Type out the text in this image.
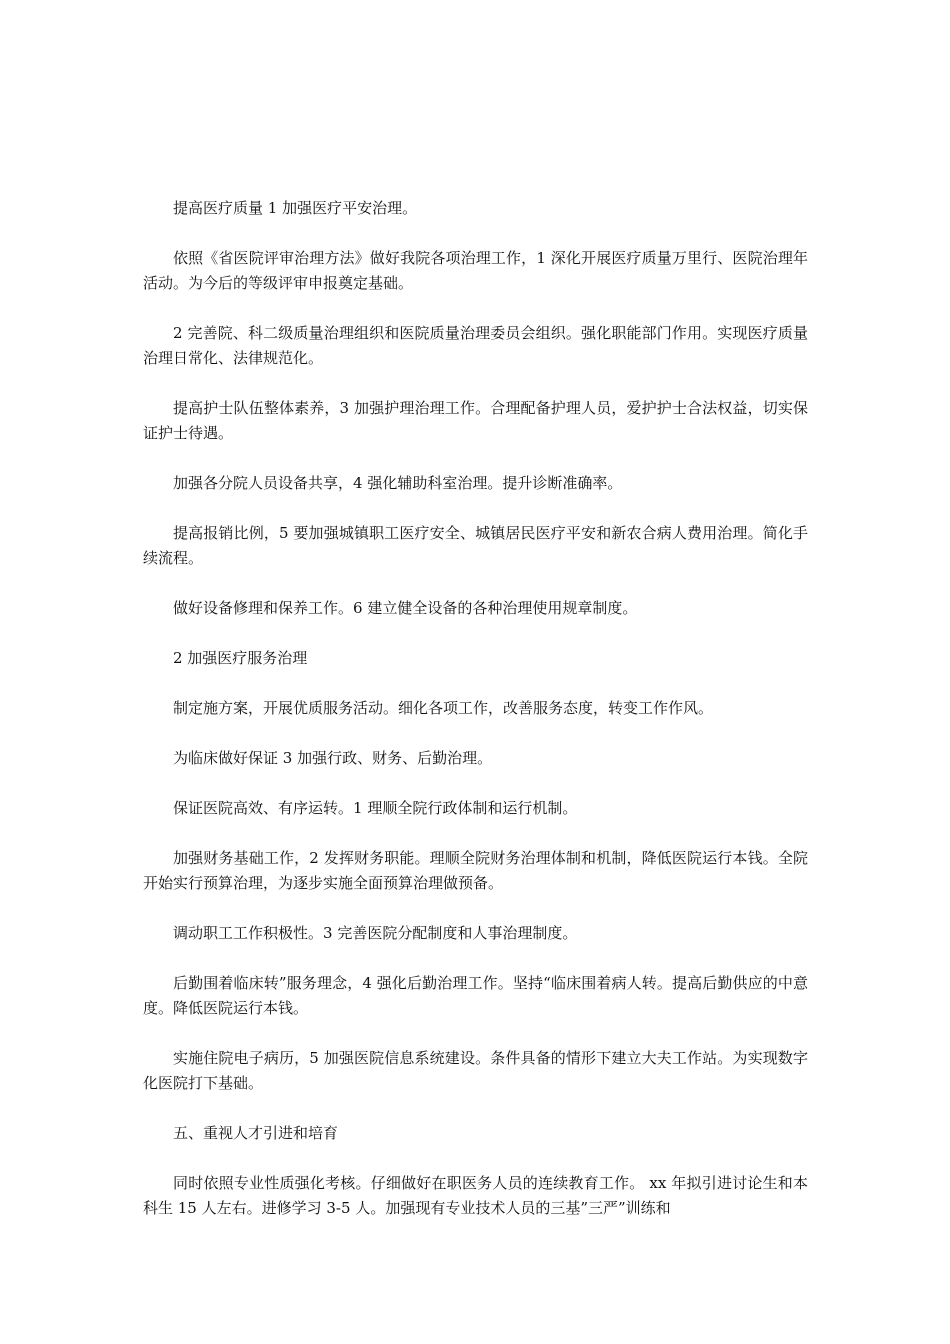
提高医疗质量 1 加强医疗平安治理。

依照《省医院评审治理方法》做好我院各项治理工作，1 深化开展医疗质量万里行、医院治理年活动。为今后的等级评审申报奠定基础。

2 完善院、科二级质量治理组织和医院质量治理委员会组织。强化职能部门作用。实现医疗质量治理日常化、法律规范化。

提高护士队伍整体素养，3 加强护理治理工作。合理配备护理人员，爱护护士合法权益，切实保证护士待遇。

加强各分院人员设备共享，4 强化辅助科室治理。提升诊断准确率。

提高报销比例，5 要加强城镇职工医疗安全、城镇居民医疗平安和新农合病人费用治理。简化手续流程。

做好设备修理和保养工作。6 建立健全设备的各种治理使用规章制度。

2 加强医疗服务治理

制定施方案，开展优质服务活动。细化各项工作，改善服务态度，转变工作作风。

为临床做好保证 3 加强行政、财务、后勤治理。

保证医院高效、有序运转。1 理顺全院行政体制和运行机制。

加强财务基础工作，2 发挥财务职能。理顺全院财务治理体制和机制，降低医院运行本钱。全院开始实行预算治理，为逐步实施全面预算治理做预备。

调动职工工作积极性。3 完善医院分配制度和人事治理制度。

后勤围着临床转”服务理念，4 强化后勤治理工作。坚持“临床围着病人转。提高后勤供应的中意度。降低医院运行本钱。

实施住院电子病历，5 加强医院信息系统建设。条件具备的情形下建立大夫工作站。为实现数字化医院打下基础。

五、重视人才引进和培育

同时依照专业性质强化考核。仔细做好在职医务人员的连续教育工作。 xx 年拟引进讨论生和本科生 15 人左右。进修学习 3-5 人。加强现有专业技术人员的三基”三严”训练和
